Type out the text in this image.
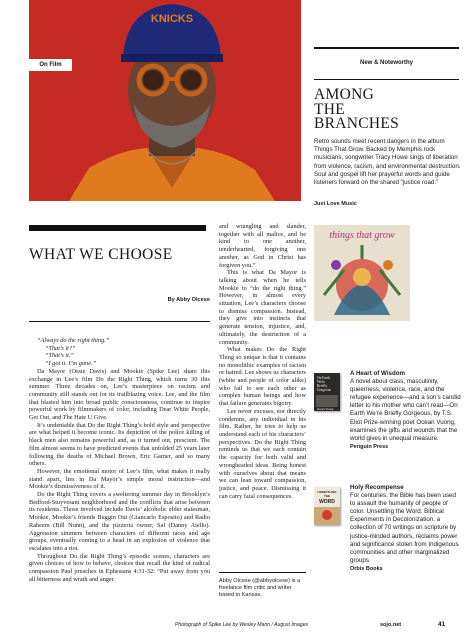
KNICKS
On Film	New & Noteworthy
AMONG
THE
BRANCHES
Retro sounds meet recent dangers in the album Things That Grow. Backed by Memphis rock musicians, songwriter Tracy Howe sings of liberation from violence, racism, and environmental destruction. Soul and gospel lift her prayerful words and guide listeners forward on the shared “justice road.”
Just Love Music
things that grow
On Earth
We're
Briefly
Gorgeous
Ocean Vuong
A Heart of Wisdom
A novel about class, masculinity, queerness, violence, race, and the refugee experience—and a son’s candid letter to his mother who can’t read—On Earth We’re Briefly Gorgeous, by T.S. Eliot Prize-winning poet Ocean Vuong, examines the gifts and wounds that the world gives in unequal measure.
Penguin Press
UNSETTLING
THE
WORD
Holy Recompense
For centuries, the Bible has been used to assault the humanity of people of color. Unsettling the Word: Biblical Experiments in Decolonization, a collection of 70 writings on scripture by justice-minded authors, reclaims power and significance stolen from Indigenous communities and other marginalized groups.
Orbis Books
WHAT WE CHOOSE
By Abby Olcese

“Always do the right thing.”

“That’s it?”

“That’s it.”

“I got it. I’m gone.”

Da Mayor (Ossie Davis) and Mookie (Spike Lee) share this exchange in Lee’s film Do the Right Thing, which turns 30 this summer. Three decades on, Lee’s masterpiece on racism and community still stands out for its trailblazing voice. Lee, and the film that blasted him into broad public consciousness, continue to inspire powerful work by filmmakers of color, including Dear White People, Get Out, and The Hate U Give.

It’s undeniable that Do the Right Thing’s bold style and perspective are what helped it become iconic. Its depiction of the police killing of black men also remains powerful and, as it turned out, prescient. The film almost seems to have predicted events that unfolded 25 years later following the deaths of Michael Brown, Eric Garner, and so many others.

However, the emotional motor of Lee’s film, what makes it really stand apart, lies in Da Mayor’s simple moral instruction—and Mookie’s dismissiveness of it.

Do the Right Thing covers a sweltering summer day in Brooklyn’s Bedford-Stuyvesant neighborhood and the conflicts that arise between its residents. Those involved include Davis’ alcoholic elder statesman, Mookie, Mookie’s friends Buggin Out (Giancarlo Esposito) and Radio Raheem (Bill Nunn), and the pizzeria owner, Sal (Danny Aiello). Aggression simmers between characters of different races and age groups, eventually coming to a head in an explosion of violence that escalates into a riot.

Throughout Do the Right Thing’s episodic scenes, characters are given choices of how to behave, choices that recall the kind of radical compassion Paul preaches in Ephesians 4:31-32: “Put away from you all bitterness and wrath and anger

and wrangling and slander, together with all malice, and be kind to one another, tenderhearted, forgiving one another, as God in Christ has forgiven you.”

This is what Da Mayor is talking about when he tells Mookie to “do the right thing.” However, in almost every situation, Lee’s characters choose to dismiss compassion. Instead, they give into instincts that generate tension, injustice, and, ultimately, the destruction of a community.

What makes Do the Right Thing so unique is that it contains no monolithic examples of racism or hatred. Lee shows us characters (white and people of color alike) who fail to see each other as complex human beings and how that failure generates bigotry.

Lee never excuses, nor directly condemns, any individual in his film. Rather, he tries to help us understand each of his characters’ perspectives. Do the Right Thing reminds us that we each contain the capacity for both valid and wrongheaded ideas. Being honest with ourselves about that means we can lean toward compassion, justice, and peace. Dismissing it can carry fatal consequences.

Abby Olcese (@abbyolcese) is a freelance film critic and writer based in Kansas.
Photograph of Spike Lee by Wesley Mann / August Images	sojo.net	41
